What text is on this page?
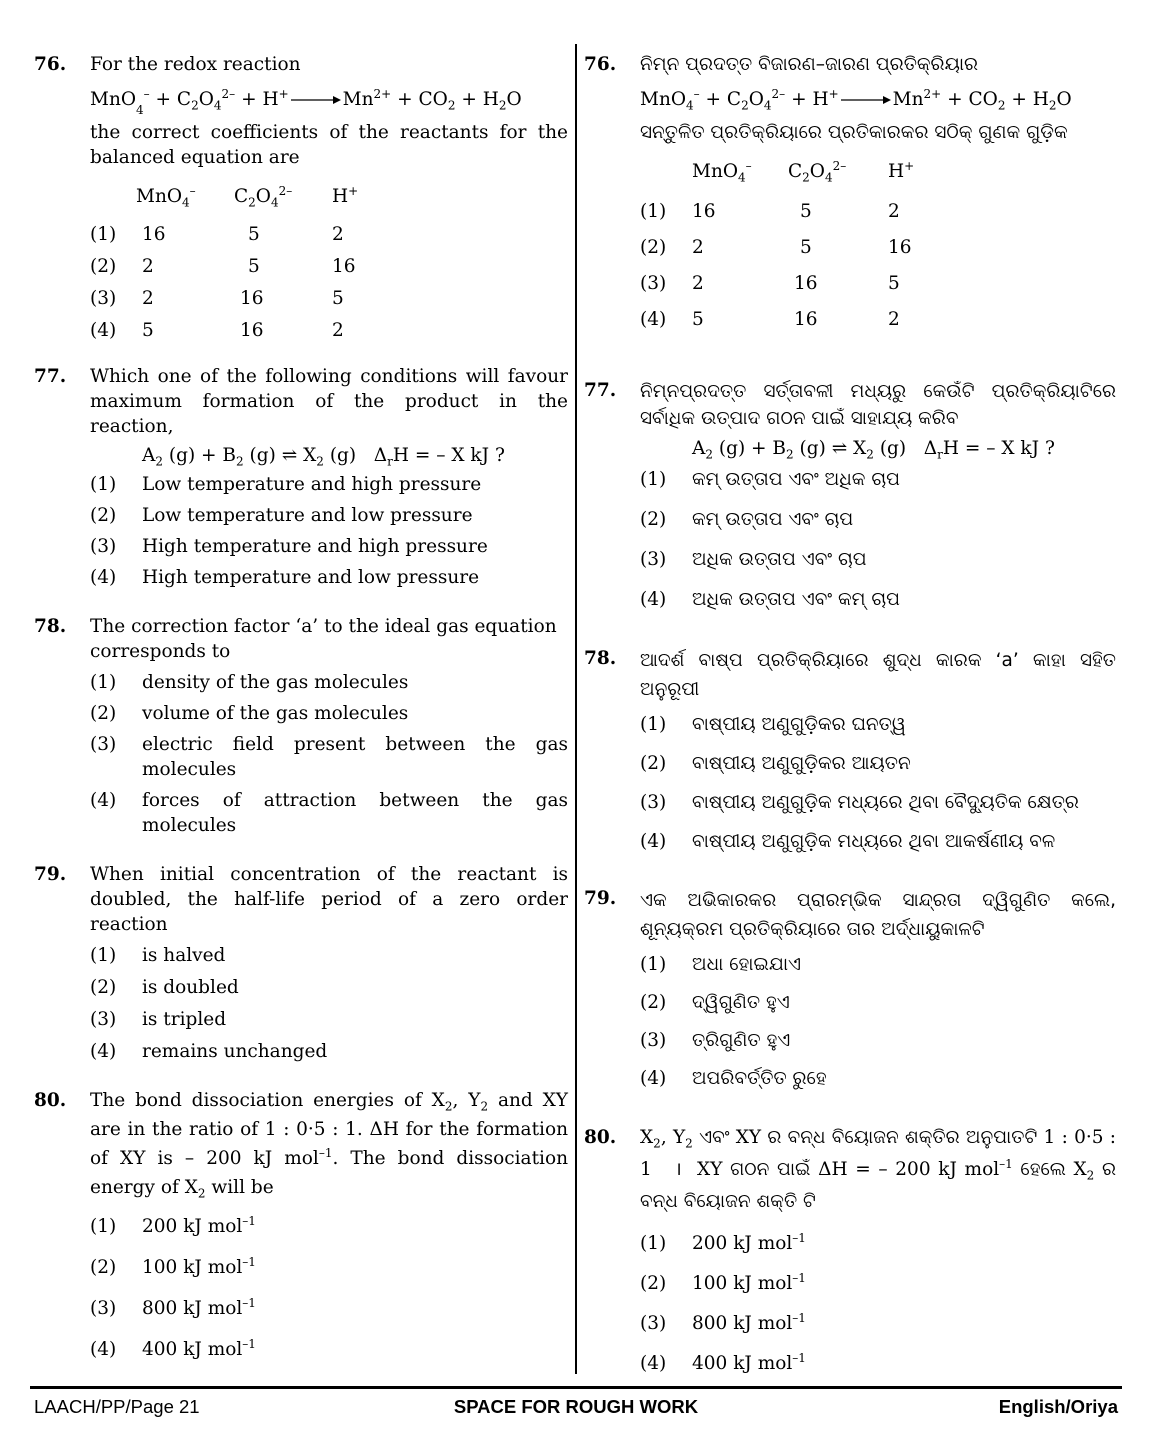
76. For the redox reaction
$MnO_4^- + C_2O_4^{2-} + H^+ \to Mn^{2+} + CO_2 + H_2O$
the correct coefficients of the reactants for the balanced equation are
	MnO$_4$–	$C_2O_4^{2-}$	H+
(1)	16	5	2
(2)	2	5	16
(3)	2	16	5
(4)	5	16	2
77. Which one of the following conditions will favour maximum formation of the product in the reaction,
$A_2$ $(g) + B_2$ (g) ⇌ $X_2$ (g)   $\Delta_rH$ = – X kJ ?
(1) Low temperature and high pressure
(2) Low temperature and low pressure
(3) High temperature and high pressure
(4) High temperature and low pressure
78. The correction factor ‘a’ to the ideal gas equation corresponds to
(1) density of the gas molecules
(2) volume of the gas molecules
(3) electric field present between the gas molecules
(4) forces of attraction between the gas molecules
79. When initial concentration of the reactant is doubled, the half-life period of a zero order reaction
(1) is halved
(2) is doubled
(3) is tripled
(4) remains unchanged
80. The bond dissociation energies of $X_2$, $Y_2$ and XY are in the ratio of 1 : 0·5 : 1. ΔH for the formation of XY is – 200 kJ mol$^{-1}$. The bond dissociation energy of $X_2$ will be
(1) 200 kJ mol$^{-1}$
(2) 100 kJ mol$^{-1}$
(3) 800 kJ mol$^{-1}$
(4) 400 kJ mol$^{-1}$
76. ନିମ୍ନ ପ୍ରଦତ୍ତ ବିଜାରଣ–ଜାରଣ ପ୍ରତିକ୍ରିୟାର
$MnO_4^- + C_2O_4^{2-} + H^+ \to Mn^{2+} + CO_2 + H_2O$
ସନ୍ତୁଳିତ ପ୍ରତିକ୍ରିୟାରେ ପ୍ରତିକାରକର ସଠିକ୍ ଗୁଣକ ଗୁଡ଼ିକ
	MnO$_4$–	$C_2O_4^{2-}$	H+
(1)	16	5	2
(2)	2	5	16
(3)	2	16	5
(4)	5	16	2
77. ନିମ୍ନପ୍ରଦତ୍ତ ସର୍ତ୍ତାବଳୀ ମଧ୍ୟରୁ କେଉଁଟି ପ୍ରତିକ୍ରିୟାଟିରେ ସର୍ବାଧିକ ଉତ୍ପାଦ ଗଠନ ପାଇଁ ସାହାଯ୍ୟ କରିବ
$A_2$ $(g) + B_2$ (g) ⇌ $X_2$ (g)   $\Delta_rH$ = – X kJ ?
(1) କମ୍ ଉତ୍ତାପ ଏବଂ ଅଧିକ ଚାପ
(2) କମ୍ ଉତ୍ତାପ ଏବଂ ଚାପ
(3) ଅଧିକ ଉତ୍ତାପ ଏବଂ ଚାପ
(4) ଅଧିକ ଉତ୍ତାପ ଏବଂ କମ୍ ଚାପ
78. ଆଦର୍ଶ ବାଷ୍ପ ପ୍ରତିକ୍ରିୟାରେ ଶୁଦ୍ଧ କାରକ ‘a’ କାହା ସହିତ ଅନୁରୂପୀ
(1) ବାଷ୍ପୀୟ ଅଣୁଗୁଡ଼ିକର ଘନତ୍ୱ
(2) ବାଷ୍ପୀୟ ଅଣୁଗୁଡ଼ିକର ଆୟତନ
(3) ବାଷ୍ପୀୟ ଅଣୁଗୁଡ଼ିକ ମଧ୍ୟରେ ଥିବା ବୈଦ୍ୟୁତିକ କ୍ଷେତ୍ର
(4) ବାଷ୍ପୀୟ ଅଣୁଗୁଡ଼ିକ ମଧ୍ୟରେ ଥିବା ଆକର୍ଷଣୀୟ ବଳ
79. ଏକ ଅଭିକାରକର ପ୍ରାରମ୍ଭିକ ସାନ୍ଦ୍ରତା ଦ୍ୱିଗୁଣିତ କଲେ, ଶୂନ୍ୟକ୍ରମ ପ୍ରତିକ୍ରିୟାରେ ତାର ଅର୍ଦ୍ଧାୟୁକାଳଟି
(1) ଅଧା ହୋଇଯାଏ
(2) ଦ୍ୱିଗୁଣିତ ହୁଏ
(3) ତ୍ରିଗୁଣିତ ହୁଏ
(4) ଅପରିବର୍ତ୍ତିତ ରୁହେ
80. $X_2$, $Y_2$ ଏବଂ XY ର ବନ୍ଧ ବିୟୋଜନ ଶକ୍ତିର ଅନୁପାତଟି 1 : 0·5 : 1   ।  XY ଗଠନ ପାଇଁ ΔH = – 200 kJ mol$^{-1}$ ହେଲେ $X_2$ ର ବନ୍ଧ ବିୟୋଜନ ଶକ୍ତି ଟି
(1) 200 kJ mol$^{-1}$
(2) 100 kJ mol$^{-1}$
(3) 800 kJ mol$^{-1}$
(4) 400 kJ mol$^{-1}$
SPACE FOR ROUGH WORK
LAACH/PP/Page 21	English/Oriya
